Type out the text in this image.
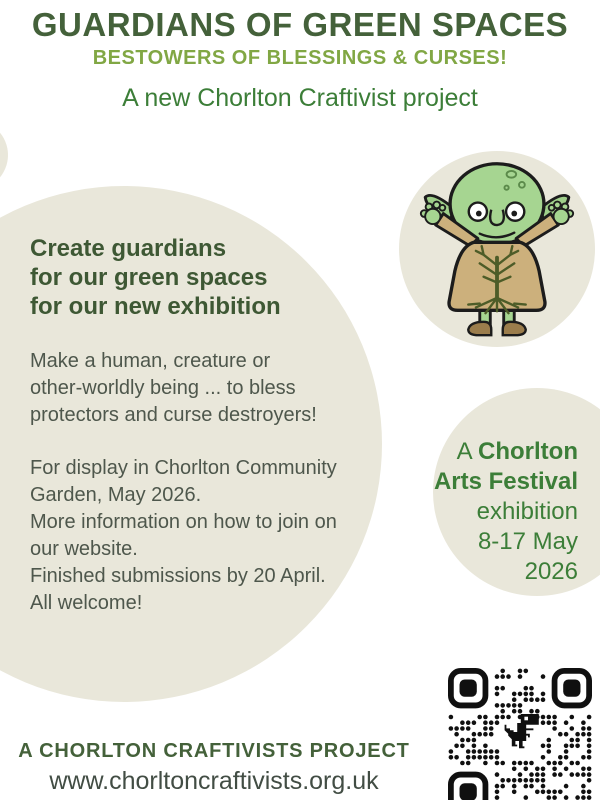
GUARDIANS OF GREEN SPACES
BESTOWERS OF BLESSINGS & CURSES!
A new Chorlton Craftivist project
Create guardians
for our green spaces
for our new exhibition

Make a human, creature or
other-worldly being ... to bless
protectors and curse destroyers!

For display in Chorlton Community
Garden, May 2026.
More information on how to join on
our website.
Finished submissions by 20 April.
All welcome!

A Chorlton
Arts Festival
exhibition
8-17 May
2026
A CHORLTON CRAFTIVISTS PROJECT
www.chorltoncraftivists.org.uk
